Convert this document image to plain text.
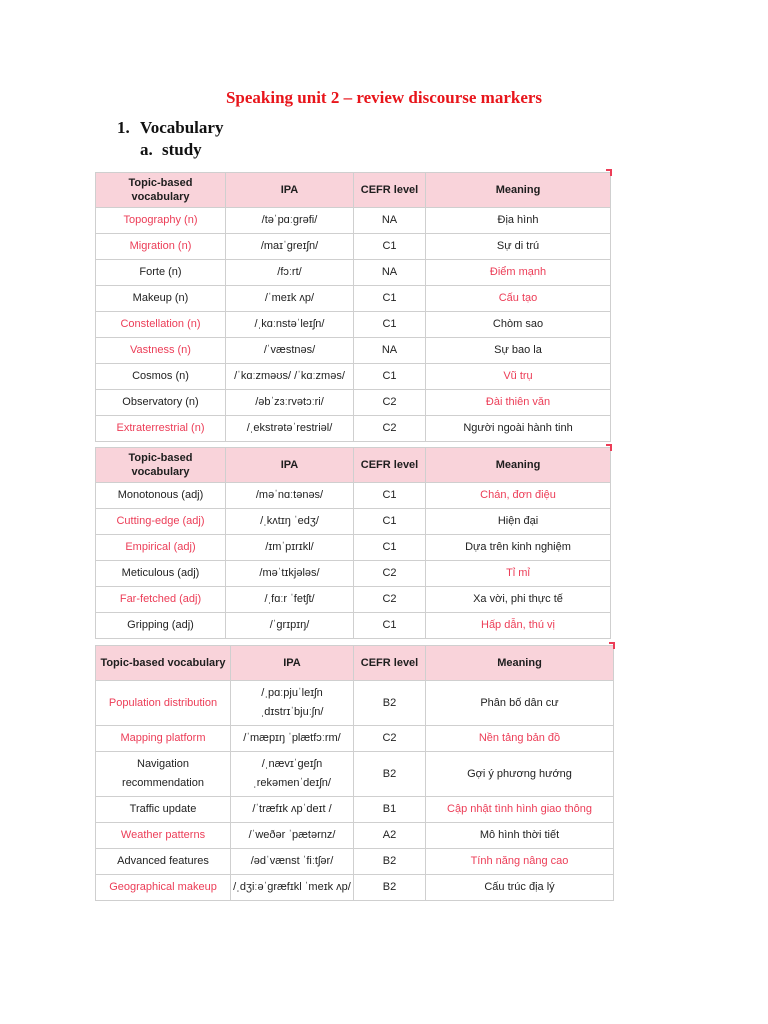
Speaking unit 2 – review discourse markers
1. Vocabulary
a. study
Topic-based
vocabulary	IPA	CEFR level	Meaning
Topography (n)	/təˈpɑːɡrəfi/	NA	Địa hình
Migration (n)	/maɪˈɡreɪʃn/	C1	Sự di trú
Forte (n)	/fɔːrt/	NA	Điểm mạnh
Makeup (n)	/ˈmeɪk ʌp/	C1	Cấu tạo
Constellation (n)	/ˌkɑːnstəˈleɪʃn/	C1	Chòm sao
Vastness (n)	/ˈvæstnəs/	NA	Sự bao la
Cosmos (n)	/ˈkɑːzməʊs/ /ˈkɑːzməs/	C1	Vũ trụ
Observatory (n)	/əbˈzɜːrvətɔːri/	C2	Đài thiên văn
Extraterrestrial (n)	/ˌekstrətəˈrestriəl/	C2	Người ngoài hành tinh
Topic-based
vocabulary	IPA	CEFR level	Meaning
Monotonous (adj)	/məˈnɑːtənəs/	C1	Chán, đơn điệu
Cutting-edge (adj)	/ˌkʌtɪŋ ˈedʒ/	C1	Hiện đại
Empirical (adj)	/ɪmˈpɪrɪkl/	C1	Dựa trên kinh nghiệm
Meticulous (adj)	/məˈtɪkjələs/	C2	Tỉ mỉ
Far-fetched (adj)	/ˌfɑːr ˈfetʃt/	C2	Xa vời, phi thực tế
Gripping (adj)	/ˈɡrɪpɪŋ/	C1	Hấp dẫn, thú vị
Topic-based vocabulary	IPA	CEFR level	Meaning
Population distribution	/ˌpɑːpjuˈleɪʃn
ˌdɪstrɪˈbjuːʃn/	B2	Phân bố dân cư
Mapping platform	/ˈmæpɪŋ ˈplætfɔːrm/	C2	Nền tảng bản đồ
Navigation
recommendation	/ˌnævɪˈɡeɪʃn
ˌrekəmenˈdeɪʃn/	B2	Gợi ý phương hướng
Traffic update	/ˈtræfɪk ʌpˈdeɪt /	B1	Cập nhật tình hình giao thông
Weather patterns	/ˈweðər ˈpætərnz/	A2	Mô hình thời tiết
Advanced features	/ədˈvænst ˈfiːtʃər/	B2	Tính năng nâng cao
Geographical makeup	/ˌdʒiːəˈɡræfɪkl ˈmeɪk ʌp/	B2	Cấu trúc địa lý
